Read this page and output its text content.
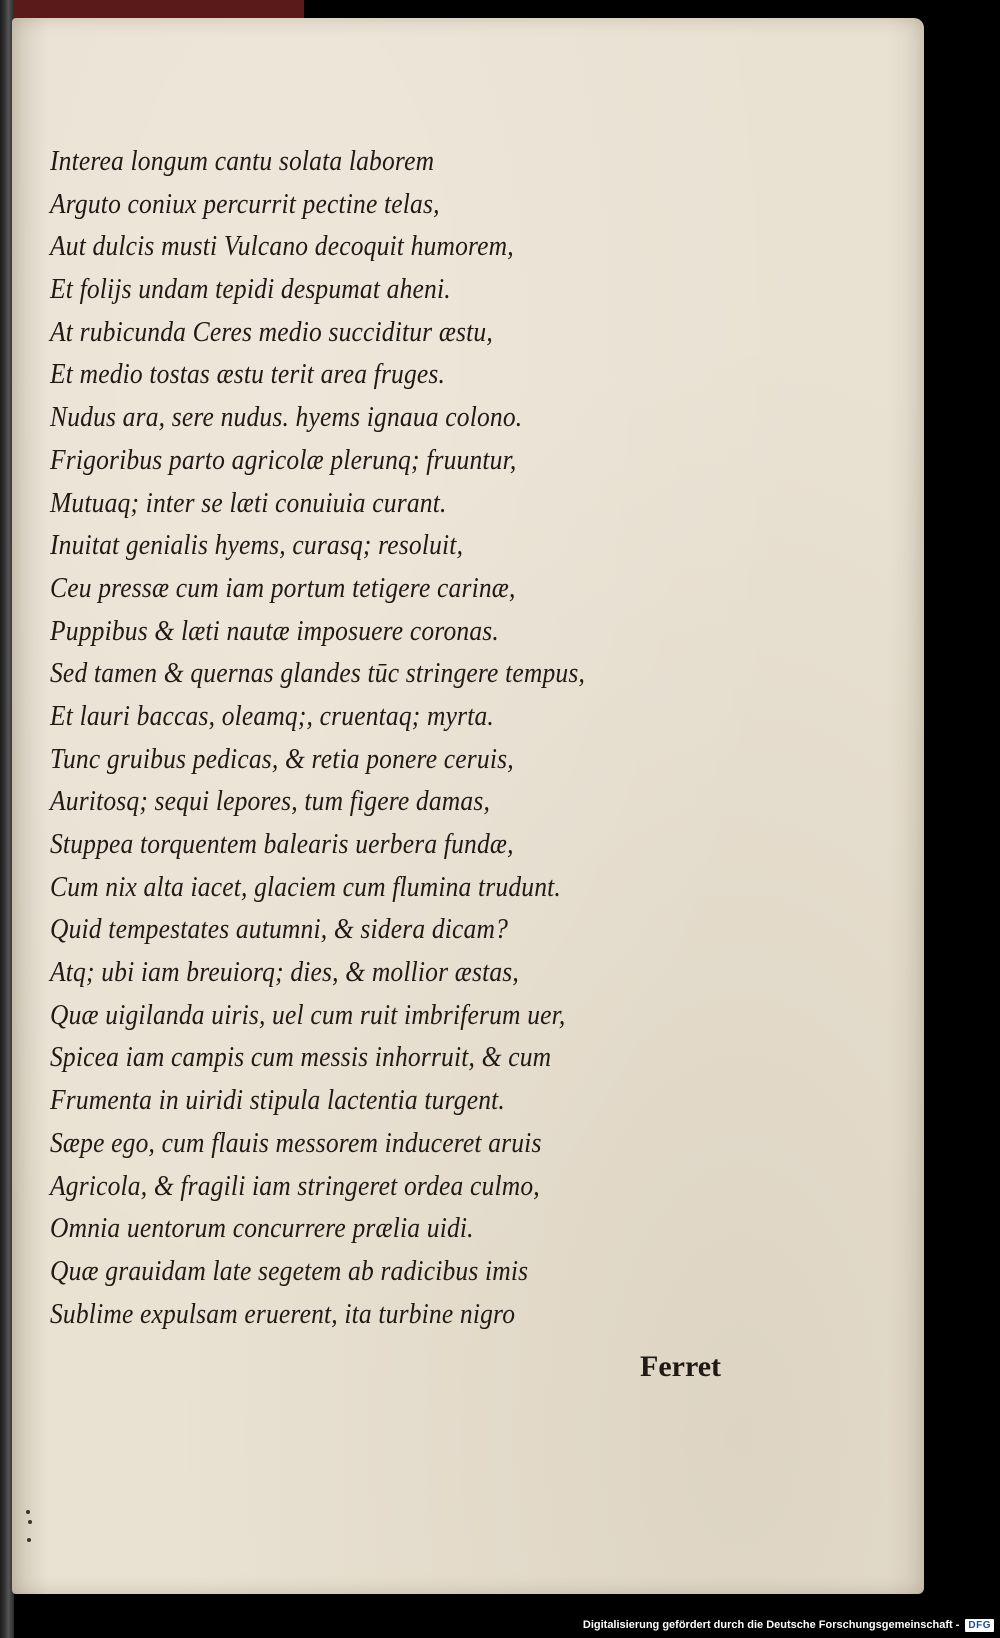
Interea longum cantu solata laborem
Arguto coniux percurrit pectine telas,
Aut dulcis musti Vulcano decoquit humorem,
Et folijs undam tepidi despumat aheni.
At rubicunda Ceres medio succiditur æstu,
Et medio tostas æstu terit area fruges.
Nudus ara, sere nudus. hyems ignaua colono.
Frigoribus parto agricolæ plerunq; fruuntur,
Mutuaq; inter se læti conuiuia curant.
Inuitat genialis hyems, curasq; resoluit,
Ceu pressæ cum iam portum tetigere carinæ,
Puppibus & læti nautæ imposuere coronas.
Sed tamen & quernas glandes tūc stringere tempus,
Et lauri baccas, oleamq;, cruentaq; myrta.
Tunc gruibus pedicas, & retia ponere ceruis,
Auritosq; sequi lepores, tum figere damas,
Stuppea torquentem balearis uerbera fundæ,
Cum nix alta iacet, glaciem cum flumina trudunt.
Quid tempestates autumni, & sidera dicam?
Atq; ubi iam breuiorq; dies, & mollior æstas,
Quæ uigilanda uiris, uel cum ruit imbriferum uer,
Spicea iam campis cum messis inhorruit, & cum
Frumenta in uiridi stipula lactentia turgent.
Sæpe ego, cum flauis messorem induceret aruis
Agricola, & fragili iam stringeret ordea culmo,
Omnia uentorum concurrere prælia uidi.
Quæ grauidam late segetem ab radicibus imis
Sublime expulsam eruerent, ita turbine nigro
Ferret
Digitalisierung gefördert durch die Deutsche Forschungsgemeinschaft - DFG
